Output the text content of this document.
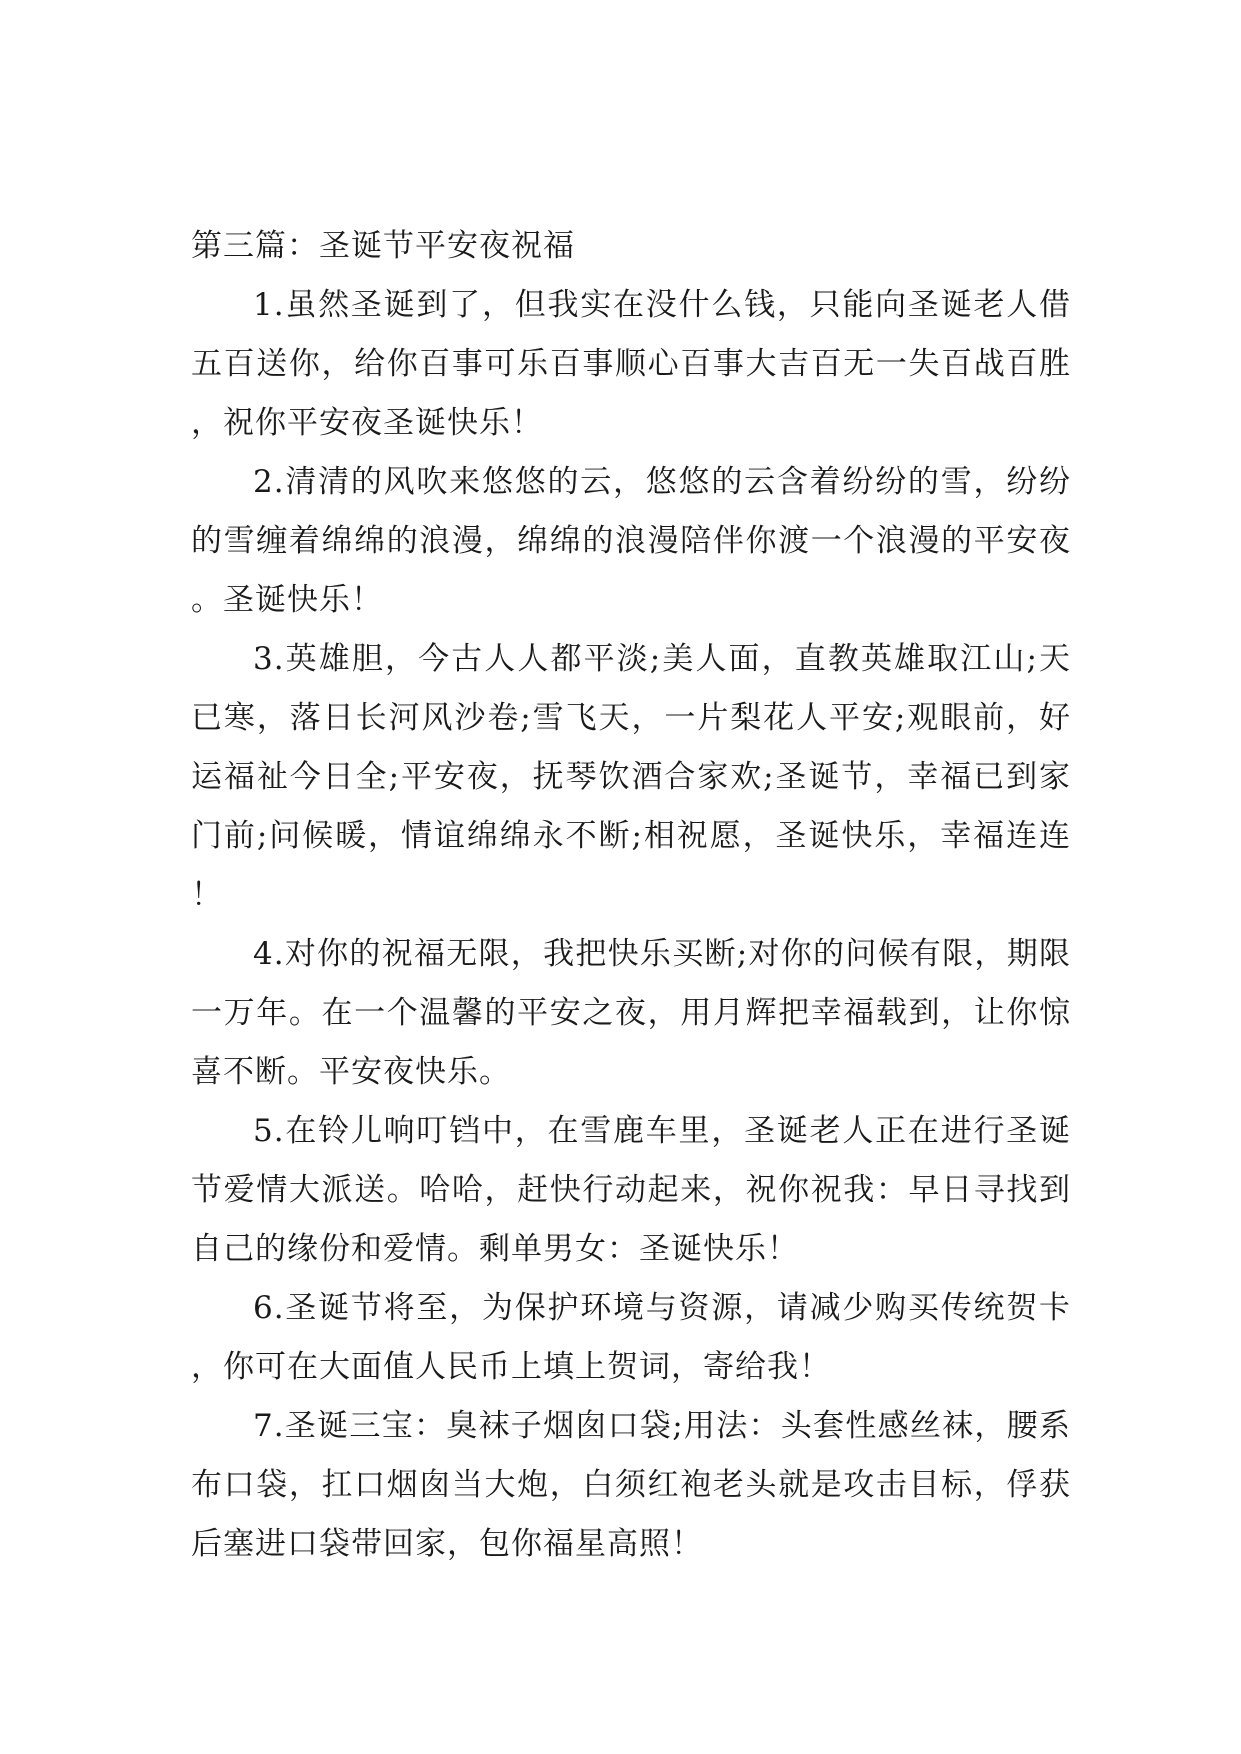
第三篇：圣诞节平安夜祝福

1.虽然圣诞到了，但我实在没什么钱，只能向圣诞老人借五百送你，给你百事可乐百事顺心百事大吉百无一失百战百胜，祝你平安夜圣诞快乐！

2.清清的风吹来悠悠的云，悠悠的云含着纷纷的雪，纷纷的雪缠着绵绵的浪漫，绵绵的浪漫陪伴你渡一个浪漫的平安夜。圣诞快乐！

3.英雄胆，今古人人都平淡;美人面，直教英雄取江山;天已寒，落日长河风沙卷;雪飞天，一片梨花人平安;观眼前，好运福祉今日全;平安夜，抚琴饮酒合家欢;圣诞节，幸福已到家门前;问候暖，情谊绵绵永不断;相祝愿，圣诞快乐，幸福连连！

4.对你的祝福无限，我把快乐买断;对你的问候有限，期限一万年。在一个温馨的平安之夜，用月辉把幸福载到，让你惊喜不断。平安夜快乐。

5.在铃儿响叮铛中，在雪鹿车里，圣诞老人正在进行圣诞节爱情大派送。哈哈，赶快行动起来，祝你祝我：早日寻找到自己的缘份和爱情。剩单男女：圣诞快乐！

6.圣诞节将至，为保护环境与资源，请减少购买传统贺卡，你可在大面值人民币上填上贺词，寄给我！

7.圣诞三宝：臭袜子烟囱口袋;用法：头套性感丝袜，腰系布口袋，扛口烟囱当大炮，白须红袍老头就是攻击目标，俘获后塞进口袋带回家，包你福星高照！
